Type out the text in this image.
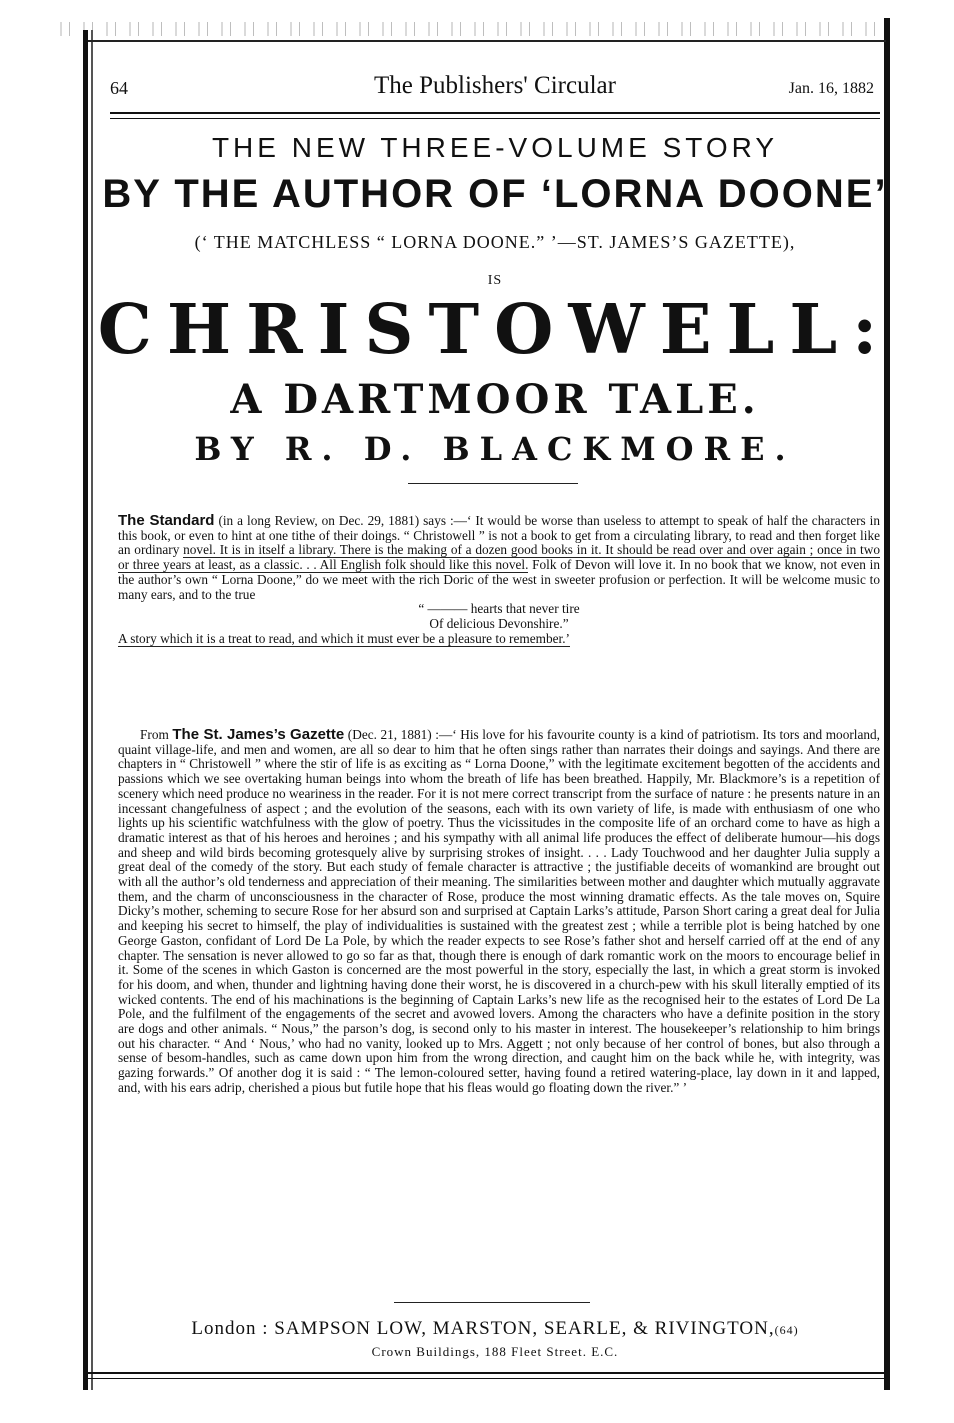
64	The Publishers' Circular	Jan. 16, 1882
THE NEW THREE-VOLUME STORY
BY THE AUTHOR OF ‘LORNA DOONE’
(‘ THE MATCHLESS “ LORNA DOONE.” ’—ST. JAMES’S GAZETTE),
IS
CHRISTOWELL:
A DARTMOOR TALE.
BY R. D. BLACKMORE.
The Standard (in a long Review, on Dec. 29, 1881) says :—‘ It would be worse than useless to attempt to speak of half the characters in this book, or even to hint at one tithe of their doings. “ Christowell ” is not a book to get from a circulating library, to read and then forget like an ordinary novel. It is in itself a library. There is the making of a dozen good books in it. It should be read over and over again ; once in two or three years at least, as a classic. . . All English folk should like this novel. Folk of Devon will love it. In no book that we know, not even in the author’s own “ Lorna Doone,” do we meet with the rich Doric of the west in sweeter profusion or perfection. It will be welcome music to many ears, and to the true
“ ——— hearts that never tire
Of delicious Devonshire.”
A story which it is a treat to read, and which it must ever be a pleasure to remember.’
From The St. James’s Gazette (Dec. 21, 1881) :—‘ His love for his favourite county is a kind of patriotism. Its tors and moorland, quaint village-life, and men and women, are all so dear to him that he often sings rather than narrates their doings and sayings. And there are chapters in “ Christowell ” where the stir of life is as exciting as “ Lorna Doone,” with the legitimate excitement begotten of the accidents and passions which we see overtaking human beings into whom the breath of life has been breathed. Happily, Mr. Blackmore’s is a repetition of scenery which need produce no weariness in the reader. For it is not mere correct transcript from the surface of nature : he presents nature in an incessant changefulness of aspect ; and the evolution of the seasons, each with its own variety of life, is made with enthusiasm of one who lights up his scientific watchfulness with the glow of poetry. Thus the vicissitudes in the composite life of an orchard come to have as high a dramatic interest as that of his heroes and heroines ; and his sympathy with all animal life produces the effect of deliberate humour—his dogs and sheep and wild birds becoming grotesquely alive by surprising strokes of insight. . . . Lady Touchwood and her daughter Julia supply a great deal of the comedy of the story. But each study of female character is attractive ; the justifiable deceits of womankind are brought out with all the author’s old tenderness and appreciation of their meaning. The similarities between mother and daughter which mutually aggravate them, and the charm of unconsciousness in the character of Rose, produce the most winning dramatic effects. As the tale moves on, Squire Dicky’s mother, scheming to secure Rose for her absurd son and surprised at Captain Larks’s attitude, Parson Short caring a great deal for Julia and keeping his secret to himself, the play of individualities is sustained with the greatest zest ; while a terrible plot is being hatched by one George Gaston, confidant of Lord De La Pole, by which the reader expects to see Rose’s father shot and herself carried off at the end of any chapter. The sensation is never allowed to go so far as that, though there is enough of dark romantic work on the moors to encourage belief in it. Some of the scenes in which Gaston is concerned are the most powerful in the story, especially the last, in which a great storm is invoked for his doom, and when, thunder and lightning having done their worst, he is discovered in a church-pew with his skull literally emptied of its wicked contents. The end of his machinations is the beginning of Captain Larks’s new life as the recognised heir to the estates of Lord De La Pole, and the fulfilment of the engagements of the secret and avowed lovers. Among the characters who have a definite position in the story are dogs and other animals. “ Nous,” the parson’s dog, is second only to his master in interest. The housekeeper’s relationship to him brings out his character. “ And ‘ Nous,’ who had no vanity, looked up to Mrs. Aggett ; not only because of her control of bones, but also through a sense of besom-handles, such as came down upon him from the wrong direction, and caught him on the back while he, with integrity, was gazing forwards.” Of another dog it is said : “ The lemon-coloured setter, having found a retired watering-place, lay down in it and lapped, and, with his ears adrip, cherished a pious but futile hope that his fleas would go floating down the river.” ’
London : SAMPSON LOW, MARSTON, SEARLE, & RIVINGTON,(64)
Crown Buildings, 188 Fleet Street. E.C.
